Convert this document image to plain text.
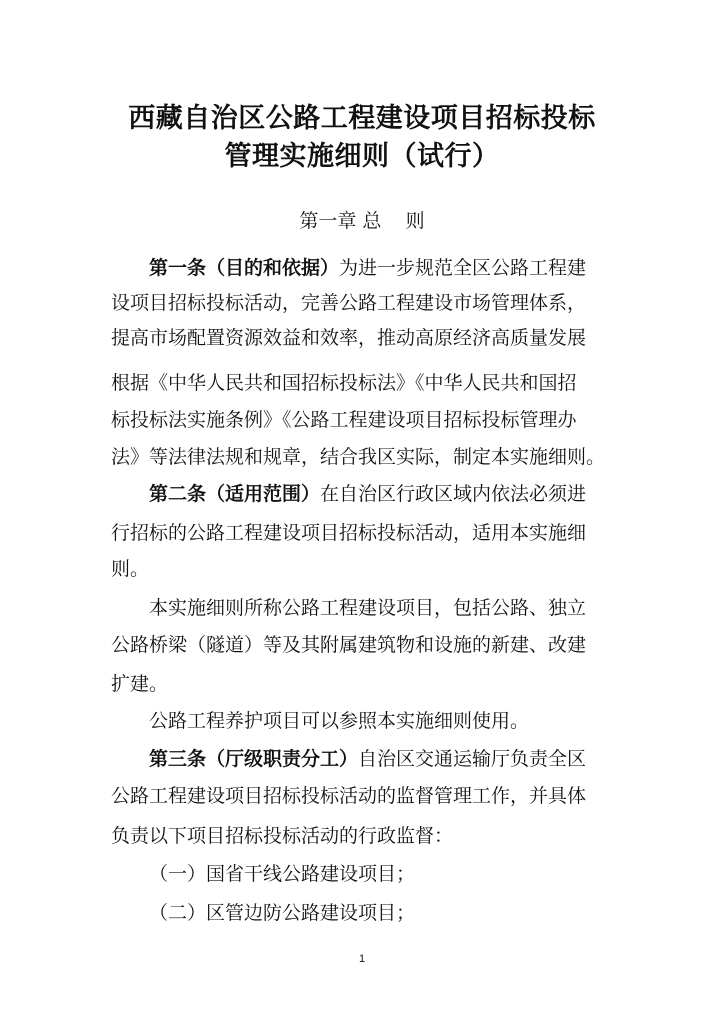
西藏自治区公路工程建设项目招标投标
管理实施细则（试行）
第一章 总    则
第一条（目的和依据）为进一步规范全区公路工程建
设项目招标投标活动，完善公路工程建设市场管理体系，
提高市场配置资源效益和效率，推动高原经济高质量发展
根据《中华人民共和国招标投标法》《中华人民共和国招
标投标法实施条例》《公路工程建设项目招标投标管理办
法》等法律法规和规章，结合我区实际，制定本实施细则。
第二条（适用范围）在自治区行政区域内依法必须进
行招标的公路工程建设项目招标投标活动，适用本实施细
则。
本实施细则所称公路工程建设项目，包括公路、独立
公路桥梁（隧道）等及其附属建筑物和设施的新建、改建
扩建。
公路工程养护项目可以参照本实施细则使用。
第三条（厅级职责分工）自治区交通运输厅负责全区
公路工程建设项目招标投标活动的监督管理工作，并具体
负责以下项目招标投标活动的行政监督：
（一）国省干线公路建设项目；
（二）区管边防公路建设项目；
1
